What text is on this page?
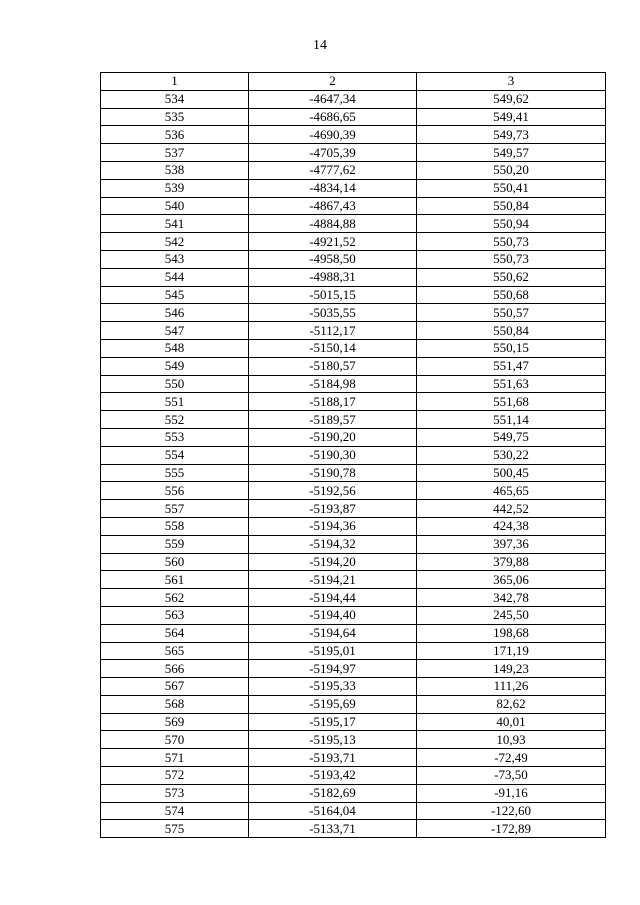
14
1	2	3
534	-4647,34	549,62
535	-4686,65	549,41
536	-4690,39	549,73
537	-4705,39	549,57
538	-4777,62	550,20
539	-4834,14	550,41
540	-4867,43	550,84
541	-4884,88	550,94
542	-4921,52	550,73
543	-4958,50	550,73
544	-4988,31	550,62
545	-5015,15	550,68
546	-5035,55	550,57
547	-5112,17	550,84
548	-5150,14	550,15
549	-5180,57	551,47
550	-5184,98	551,63
551	-5188,17	551,68
552	-5189,57	551,14
553	-5190,20	549,75
554	-5190,30	530,22
555	-5190,78	500,45
556	-5192,56	465,65
557	-5193,87	442,52
558	-5194,36	424,38
559	-5194,32	397,36
560	-5194,20	379,88
561	-5194,21	365,06
562	-5194,44	342,78
563	-5194,40	245,50
564	-5194,64	198,68
565	-5195,01	171,19
566	-5194,97	149,23
567	-5195,33	111,26
568	-5195,69	82,62
569	-5195,17	40,01
570	-5195,13	10,93
571	-5193,71	-72,49
572	-5193,42	-73,50
573	-5182,69	-91,16
574	-5164,04	-122,60
575	-5133,71	-172,89
